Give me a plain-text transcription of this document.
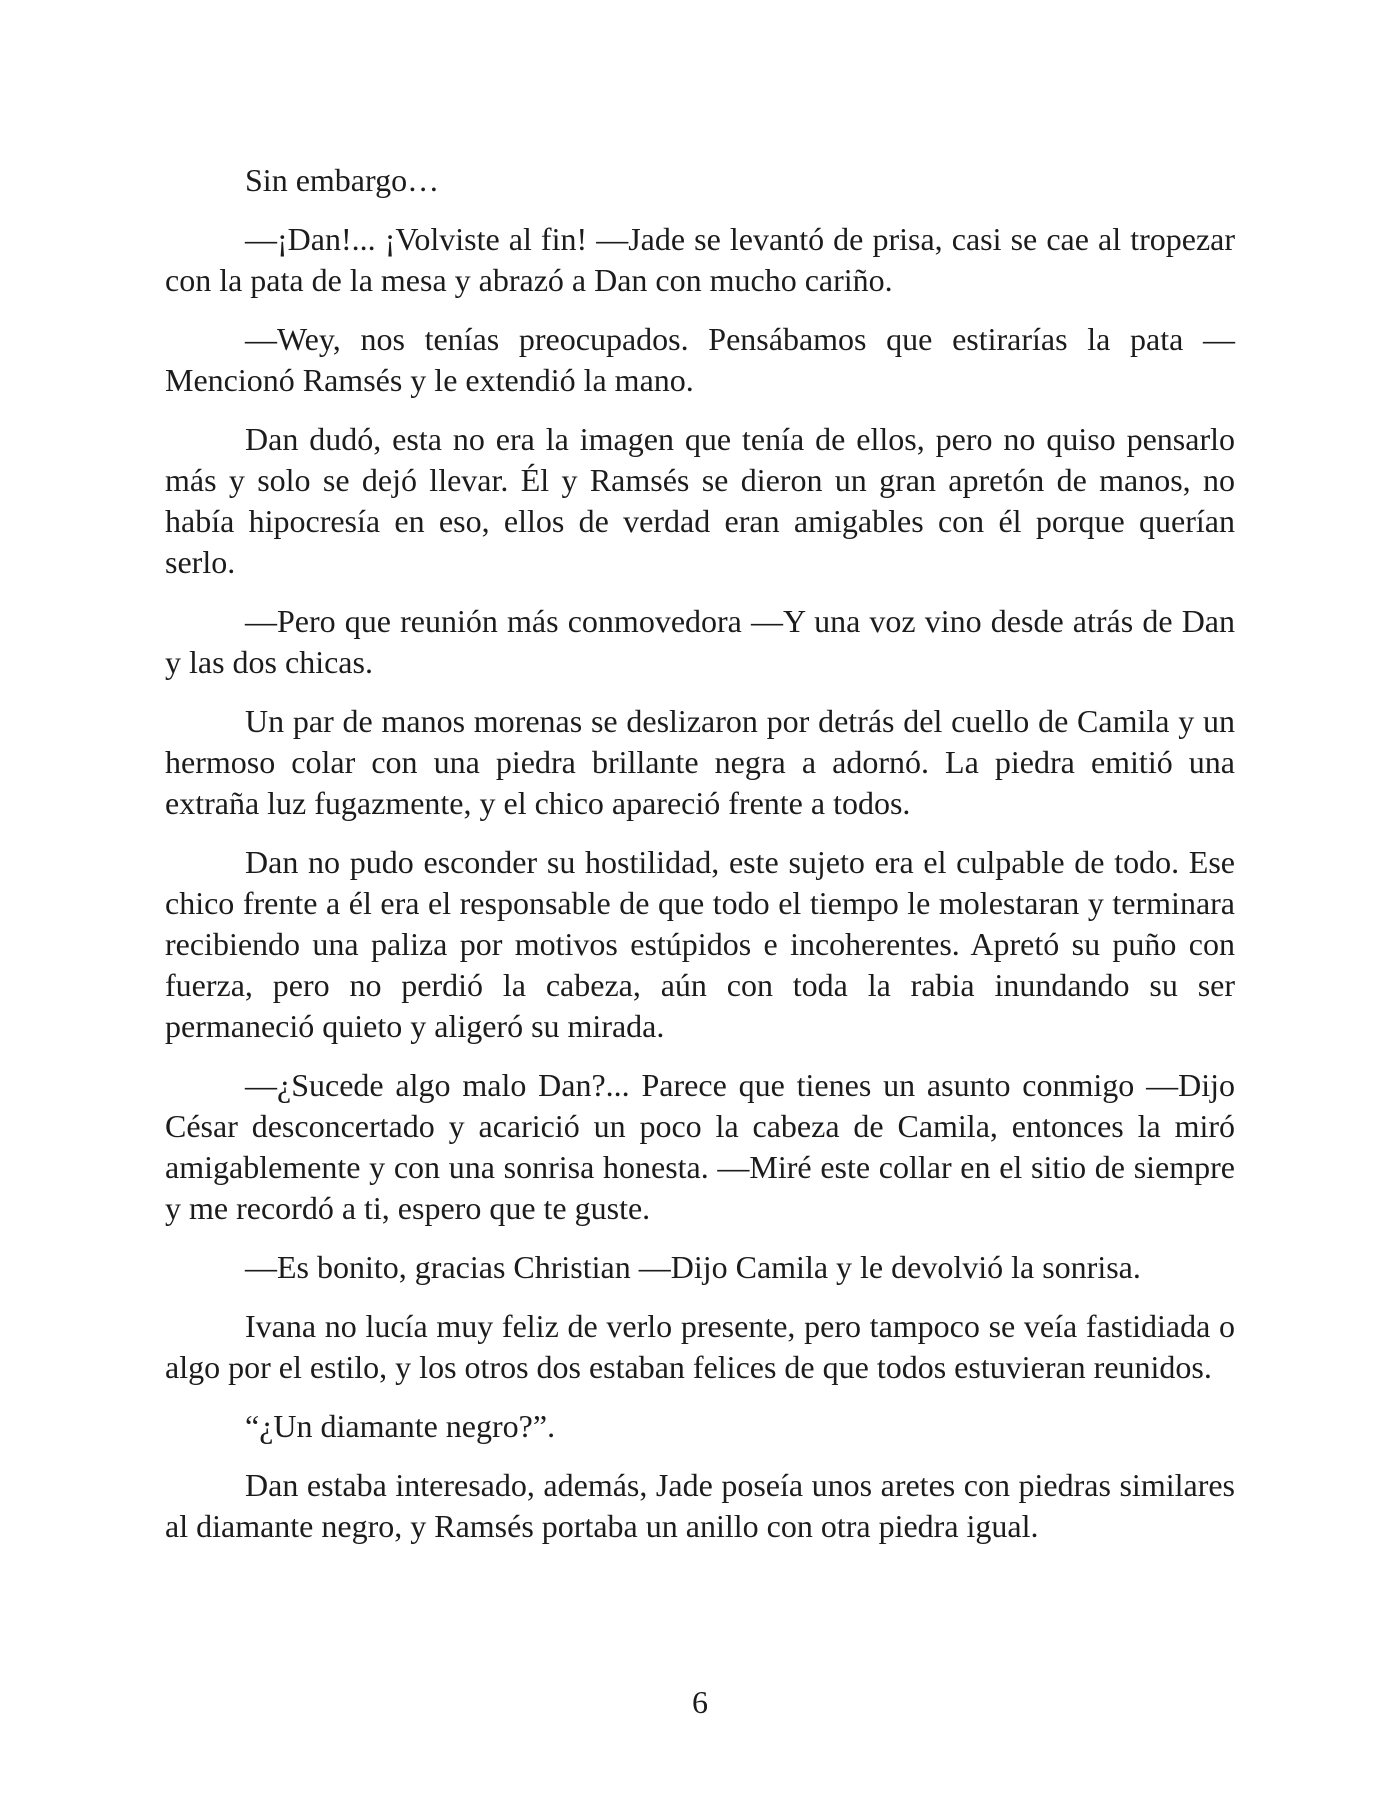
Sin embargo…

—¡Dan!... ¡Volviste al fin! —Jade se levantó de prisa, casi se cae al tropezar con la pata de la mesa y abrazó a Dan con mucho cariño.

—Wey, nos tenías preocupados. Pensábamos que estirarías la pata —Mencionó Ramsés y le extendió la mano.

Dan dudó, esta no era la imagen que tenía de ellos, pero no quiso pensarlo más y solo se dejó llevar. Él y Ramsés se dieron un gran apretón de manos, no había hipocresía en eso, ellos de verdad eran amigables con él porque querían serlo.

—Pero que reunión más conmovedora —Y una voz vino desde atrás de Dan y las dos chicas.

Un par de manos morenas se deslizaron por detrás del cuello de Camila y un hermoso colar con una piedra brillante negra a adornó. La piedra emitió una extraña luz fugazmente, y el chico apareció frente a todos.

Dan no pudo esconder su hostilidad, este sujeto era el culpable de todo. Ese chico frente a él era el responsable de que todo el tiempo le molestaran y terminara recibiendo una paliza por motivos estúpidos e incoherentes. Apretó su puño con fuerza, pero no perdió la cabeza, aún con toda la rabia inundando su ser permaneció quieto y aligeró su mirada.

—¿Sucede algo malo Dan?... Parece que tienes un asunto conmigo —Dijo César desconcertado y acarició un poco la cabeza de Camila, entonces la miró amigablemente y con una sonrisa honesta. —Miré este collar en el sitio de siempre y me recordó a ti, espero que te guste.

—Es bonito, gracias Christian —Dijo Camila y le devolvió la sonrisa.

Ivana no lucía muy feliz de verlo presente, pero tampoco se veía fastidiada o algo por el estilo, y los otros dos estaban felices de que todos estuvieran reunidos.

“¿Un diamante negro?”.

Dan estaba interesado, además, Jade poseía unos aretes con piedras similares al diamante negro, y Ramsés portaba un anillo con otra piedra igual.

6
